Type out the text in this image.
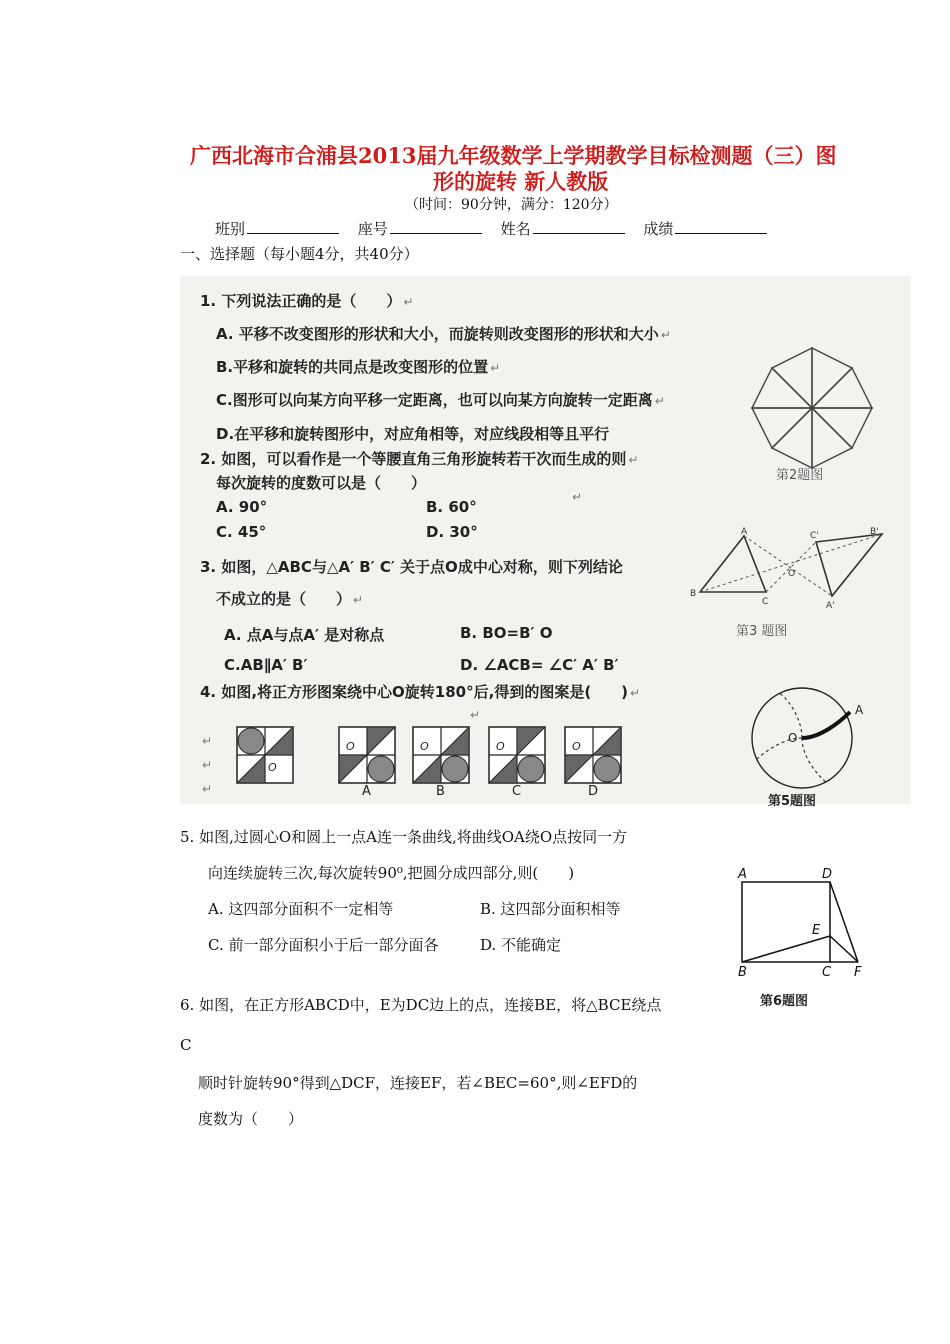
广西北海市合浦县2013届九年级数学上学期教学目标检测题（三）图
形的旋转 新人教版
（时间：90分钟，满分：120分）
班别	座号	姓名	成绩
一、选择题（每小题4分，共40分）
1. 下列说法正确的是（　　） ↵
A. 平移不改变图形的形状和大小，而旋转则改变图形的形状和大小 ↵
B.平移和旋转的共同点是改变图形的位置 ↵
C.图形可以向某方向平移一定距离，也可以向某方向旋转一定距离 ↵
D.在平移和旋转图形中，对应角相等，对应线段相等且平行
2. 如图，可以看作是一个等腰直角三角形旋转若干次而生成的则 ↵
每次旋转的度数可以是（　　）
A. 90°	B. 60°
C. 45°	D. 30°
↵
第2题图
3. 如图，△ABC与△A′ B′ C′ 关于点O成中心对称，则下列结论
不成立的是（　　） ↵
A. 点A与点A′ 是对称点	B. BO=B′ O
C.AB∥A′ B′	D. ∠ACB= ∠C′ A′ B′
A
B
C
O
C'	B'
A'
第3 题图
4. 如图,将正方形图案绕中心O旋转180°后,得到的图案是(　　) ↵
↵
↵
↵
↵
O
O	O	O	O
A	B	C	D
O
A
第5题图
5. 如图,过圆心O和圆上一点A连一条曲线,将曲线OA绕O点按同一方
向连续旋转三次,每次旋转90⁰,把圆分成四部分,则(　　)
A. 这四部分面积不一定相等	B. 这四部分面积相等
C. 前一部分面积小于后一部分面各	D. 不能确定
A	D
E
B	C F
第6题图
6. 如图，在正方形ABCD中，E为DC边上的点，连接BE，将△BCE绕点
C
顺时针旋转90°得到△DCF，连接EF，若∠BEC=60°,则∠EFD的
度数为（　　）
